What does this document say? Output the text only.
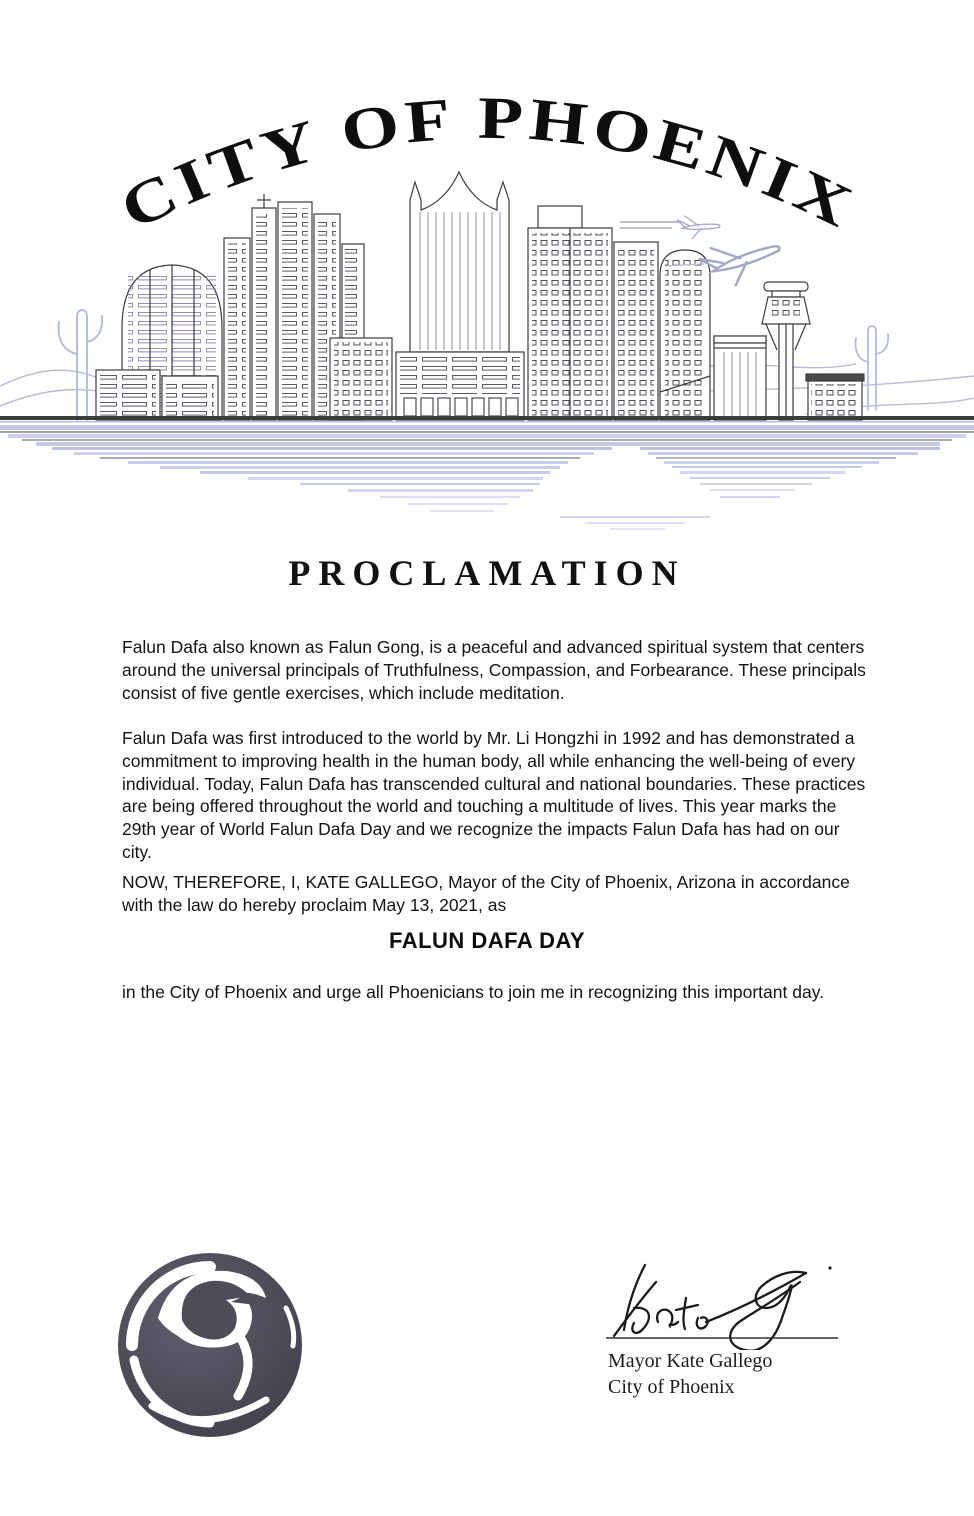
CITY OF PHOENIX
PROCLAMATION
Falun Dafa also known as Falun Gong, is a peaceful and advanced spiritual system that centers around the universal principals of Truthfulness, Compassion, and Forbearance. These principals consist of five gentle exercises, which include meditation.
Falun Dafa was first introduced to the world by Mr. Li Hongzhi in 1992 and has demonstrated a commitment to improving health in the human body, all while enhancing the well-being of every individual. Today, Falun Dafa has transcended cultural and national boundaries. These practices are being offered throughout the world and touching a multitude of lives. This year marks the 29th year of World Falun Dafa Day and we recognize the impacts Falun Dafa has had on our city.
NOW, THEREFORE, I, KATE GALLEGO, Mayor of the City of Phoenix, Arizona in accordance with the law do hereby proclaim May 13, 2021, as
FALUN DAFA DAY
in the City of Phoenix and urge all Phoenicians to join me in recognizing this important day.
Mayor Kate Gallego
City of Phoenix
